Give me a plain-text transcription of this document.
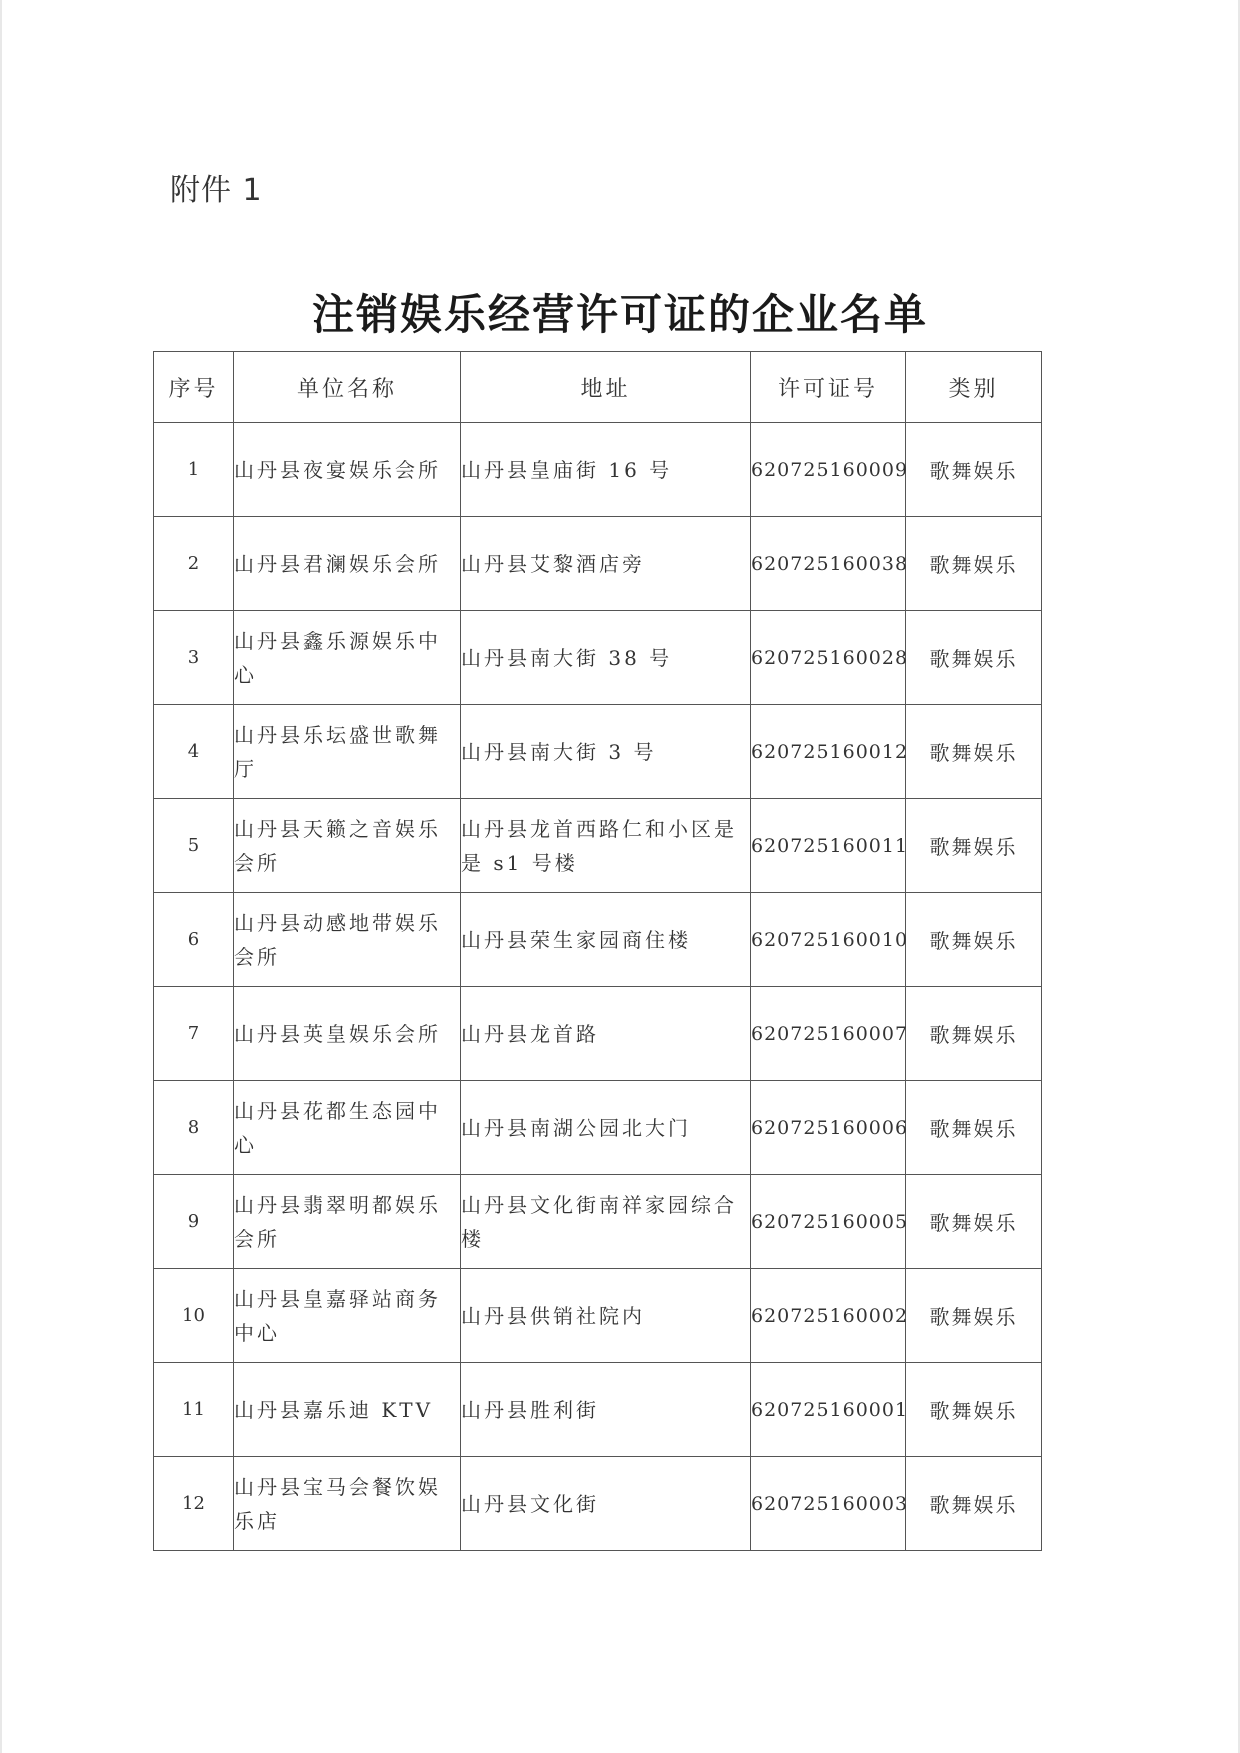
附件 1
注销娱乐经营许可证的企业名单
序号	单位名称	地址	许可证号	类别
1	山丹县夜宴娱乐会所	山丹县皇庙街 16 号	620725160009	歌舞娱乐
2	山丹县君澜娱乐会所	山丹县艾黎酒店旁	620725160038	歌舞娱乐
3	山丹县鑫乐源娱乐中心	山丹县南大街 38 号	620725160028	歌舞娱乐
4	山丹县乐坛盛世歌舞厅	山丹县南大街 3 号	620725160012	歌舞娱乐
5	山丹县天籁之音娱乐会所	山丹县龙首西路仁和小区是是 s1 号楼	620725160011	歌舞娱乐
6	山丹县动感地带娱乐会所	山丹县荣生家园商住楼	620725160010	歌舞娱乐
7	山丹县英皇娱乐会所	山丹县龙首路	620725160007	歌舞娱乐
8	山丹县花都生态园中心	山丹县南湖公园北大门	620725160006	歌舞娱乐
9	山丹县翡翠明都娱乐会所	山丹县文化街南祥家园综合楼	620725160005	歌舞娱乐
10	山丹县皇嘉驿站商务中心	山丹县供销社院内	620725160002	歌舞娱乐
11	山丹县嘉乐迪 KTV	山丹县胜利街	620725160001	歌舞娱乐
12	山丹县宝马会餐饮娱乐店	山丹县文化街	620725160003	歌舞娱乐
